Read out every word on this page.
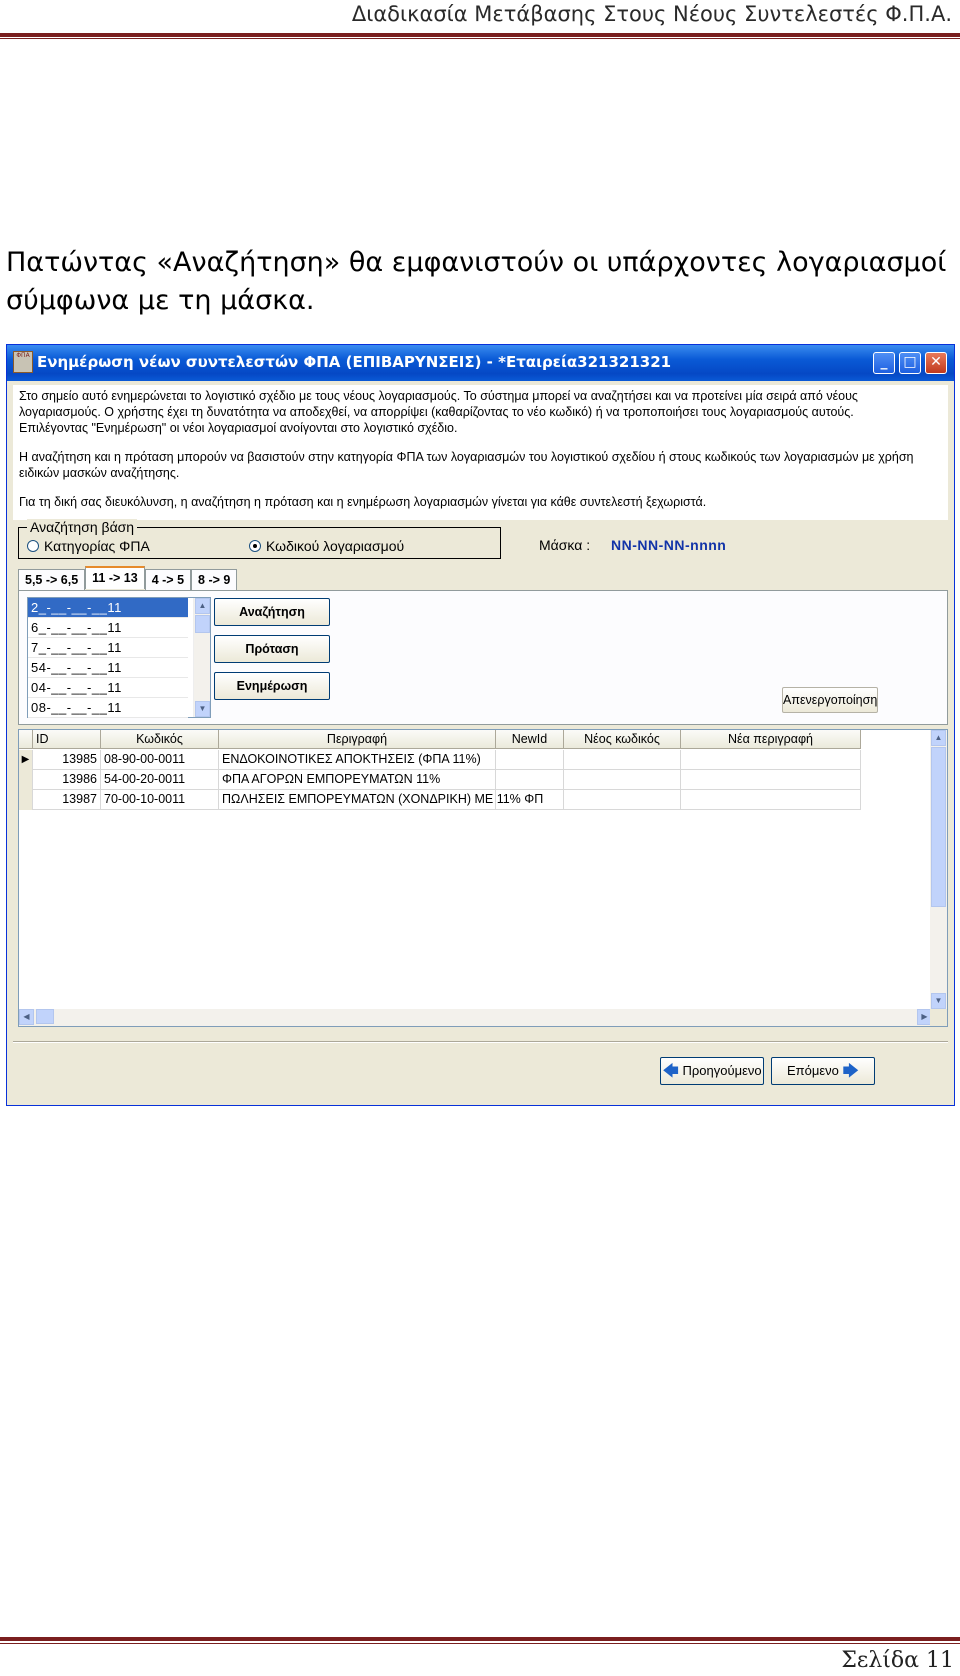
Διαδικασία Μετάβασης Στους Νέους Συντελεστές Φ.Π.Α.
Πατώντας «Αναζήτηση» θα εμφανιστούν οι υπάρχοντες λογαριασμοί
σύμφωνα με τη μάσκα.
ΦΠΑ Ενημέρωση νέων συντελεστών ΦΠΑ (ΕΠΙΒΑΡΥΝΣΕΙΣ) - *Εταιρεία321321321	_	□ ✕

Στο σημείο αυτό ενημερώνεται το λογιστικό σχέδιο με τους νέους λογαριασμούς. Το σύστημα μπορεί να αναζητήσει και να προτείνει μία σειρά από νέους

λογαριασμούς. Ο χρήστης έχει τη δυνατότητα να αποδεχθεί, να απορρίψει (καθαρίζοντας το νέο κωδικό) ή να τροποποιήσει τους λογαριασμούς αυτούς.

Επιλέγοντας "Ενημέρωση" οι νέοι λογαριασμοί ανοίγονται στο λογιστικό σχέδιο.

Η αναζήτηση και η πρόταση μπορούν να βασιστούν στην κατηγορία ΦΠΑ των λογαριασμών του λογιστικού σχεδίου ή στους κωδικούς των λογαριασμών με χρήση

ειδικών μασκών αναζήτησης.

Για τη δική σας διευκόλυνση, η αναζήτηση η πρόταση και η ενημέρωση λογαριασμών γίνεται για κάθε συντελεστή ξεχωριστά.

Αναζήτηση βάση
Κατηγορίας ΦΠΑ	Κωδικού λογαριασμού	Μάσκα : NN-NN-NN-nnnn
5,5 -> 6,5	11 -> 13	4 -> 5	8 -> 9
2_-__-__-__11
6_-__-__-__11
7_-__-__-__11
54-__-__-__11
04-__-__-__11
08-__-__-__11
▲
▼
Αναζήτηση
Πρόταση
Ενημέρωση
Απενεργοποίηση
ID	Κωδικός	Περιγραφή	NewId	Νέος κωδικός	Νέα περιγραφή
▶	13985 08-90-00-0011	ΕΝΔΟΚΟΙΝΟΤΙΚΕΣ ΑΠΟΚΤΗΣΕΙΣ (ΦΠΑ 11%)
13986 54-00-20-0011	ΦΠΑ ΑΓΟΡΩΝ ΕΜΠΟΡΕΥΜΑΤΩΝ 11%
13987 70-00-10-0011	ΠΩΛΗΣΕΙΣ ΕΜΠΟΡΕΥΜΑΤΩΝ (ΧΟΝΔΡΙΚΗ) ΜΕ 11% ΦΠ
▲
▼
◀	▶
🡄 Προηγούμενο	Επόμενο 🡆
Σελίδα 11
